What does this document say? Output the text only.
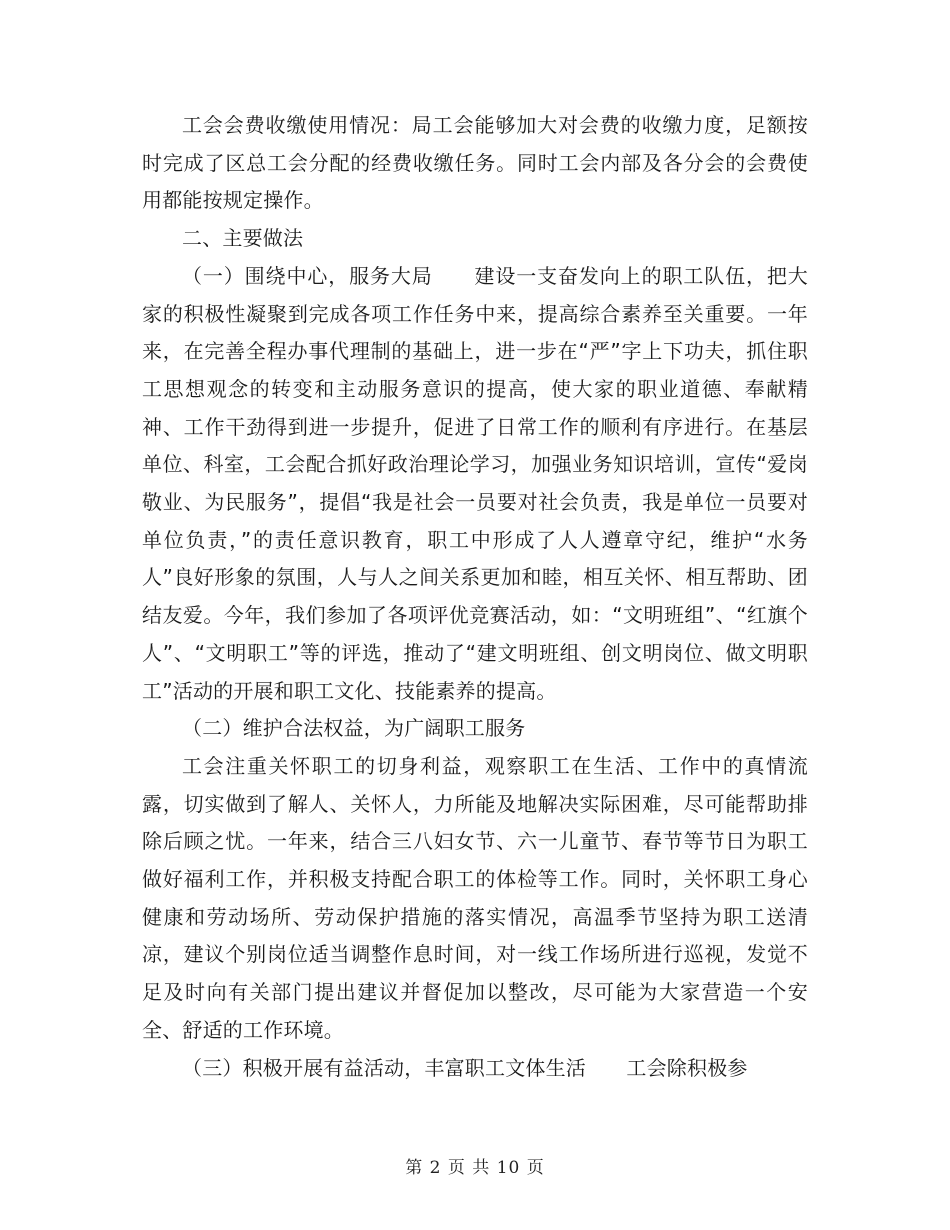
工会会费收缴使用情况：局工会能够加大对会费的收缴力度，足额按时完成了区总工会分配的经费收缴任务。同时工会内部及各分会的会费使用都能按规定操作。

二、主要做法

（一）围绕中心，服务大局　　建设一支奋发向上的职工队伍，把大家的积极性凝聚到完成各项工作任务中来，提高综合素养至关重要。一年来，在完善全程办事代理制的基础上，进一步在“严”字上下功夫，抓住职工思想观念的转变和主动服务意识的提高，使大家的职业道德、奉献精神、工作干劲得到进一步提升，促进了日常工作的顺利有序进行。在基层单位、科室，工会配合抓好政治理论学习，加强业务知识培训，宣传“爱岗敬业、为民服务”，提倡“我是社会一员要对社会负责，我是单位一员要对单位负责，”的责任意识教育，职工中形成了人人遵章守纪，维护“水务人”良好形象的氛围，人与人之间关系更加和睦，相互关怀、相互帮助、团结友爱。今年，我们参加了各项评优竞赛活动，如：“文明班组”、“红旗个人”、“文明职工”等的评选，推动了“建文明班组、创文明岗位、做文明职工”活动的开展和职工文化、技能素养的提高。

（二）维护合法权益，为广阔职工服务

工会注重关怀职工的切身利益，观察职工在生活、工作中的真情流露，切实做到了解人、关怀人，力所能及地解决实际困难，尽可能帮助排除后顾之忧。一年来，结合三八妇女节、六一儿童节、春节等节日为职工做好福利工作，并积极支持配合职工的体检等工作。同时，关怀职工身心健康和劳动场所、劳动保护措施的落实情况，高温季节坚持为职工送清凉，建议个别岗位适当调整作息时间，对一线工作场所进行巡视，发觉不足及时向有关部门提出建议并督促加以整改，尽可能为大家营造一个安全、舒适的工作环境。

（三）积极开展有益活动，丰富职工文体生活　　工会除积极参

第 2 页 共 10 页
